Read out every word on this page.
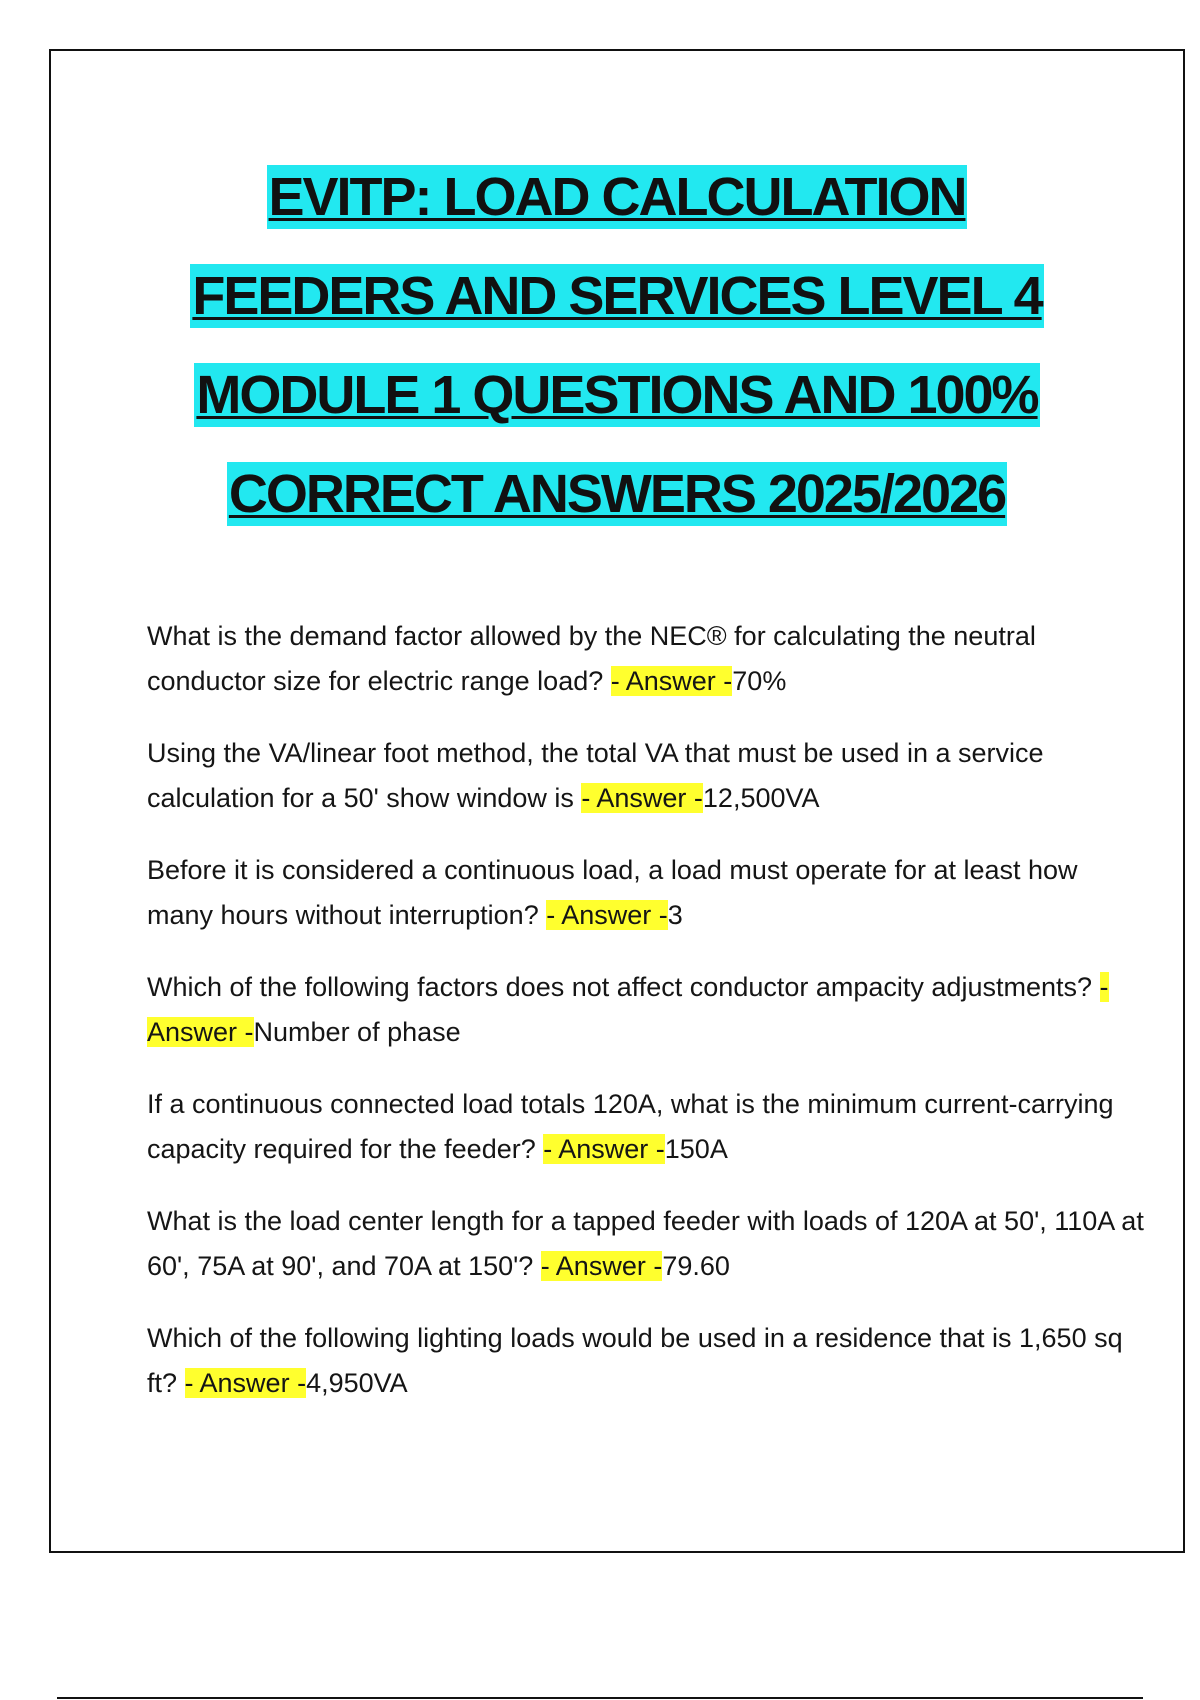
EVITP: LOAD CALCULATION
FEEDERS AND SERVICES LEVEL 4
MODULE 1 QUESTIONS AND 100%
CORRECT ANSWERS 2025/2026

What is the demand factor allowed by the NEC® for calculating the neutral conductor size for electric range load? - Answer -70%

Using the VA/linear foot method, the total VA that must be used in a service calculation for a 50' show window is - Answer -12,500VA

Before it is considered a continuous load, a load must operate for at least how many hours without interruption? - Answer -3

Which of the following factors does not affect conductor ampacity adjustments? - Answer -Number of phase

If a continuous connected load totals 120A, what is the minimum current-carrying capacity required for the feeder? - Answer -150A

What is the load center length for a tapped feeder with loads of 120A at 50', 110A at 60', 75A at 90', and 70A at 150'? - Answer -79.60

Which of the following lighting loads would be used in a residence that is 1,650 sq ft? - Answer -4,950VA
